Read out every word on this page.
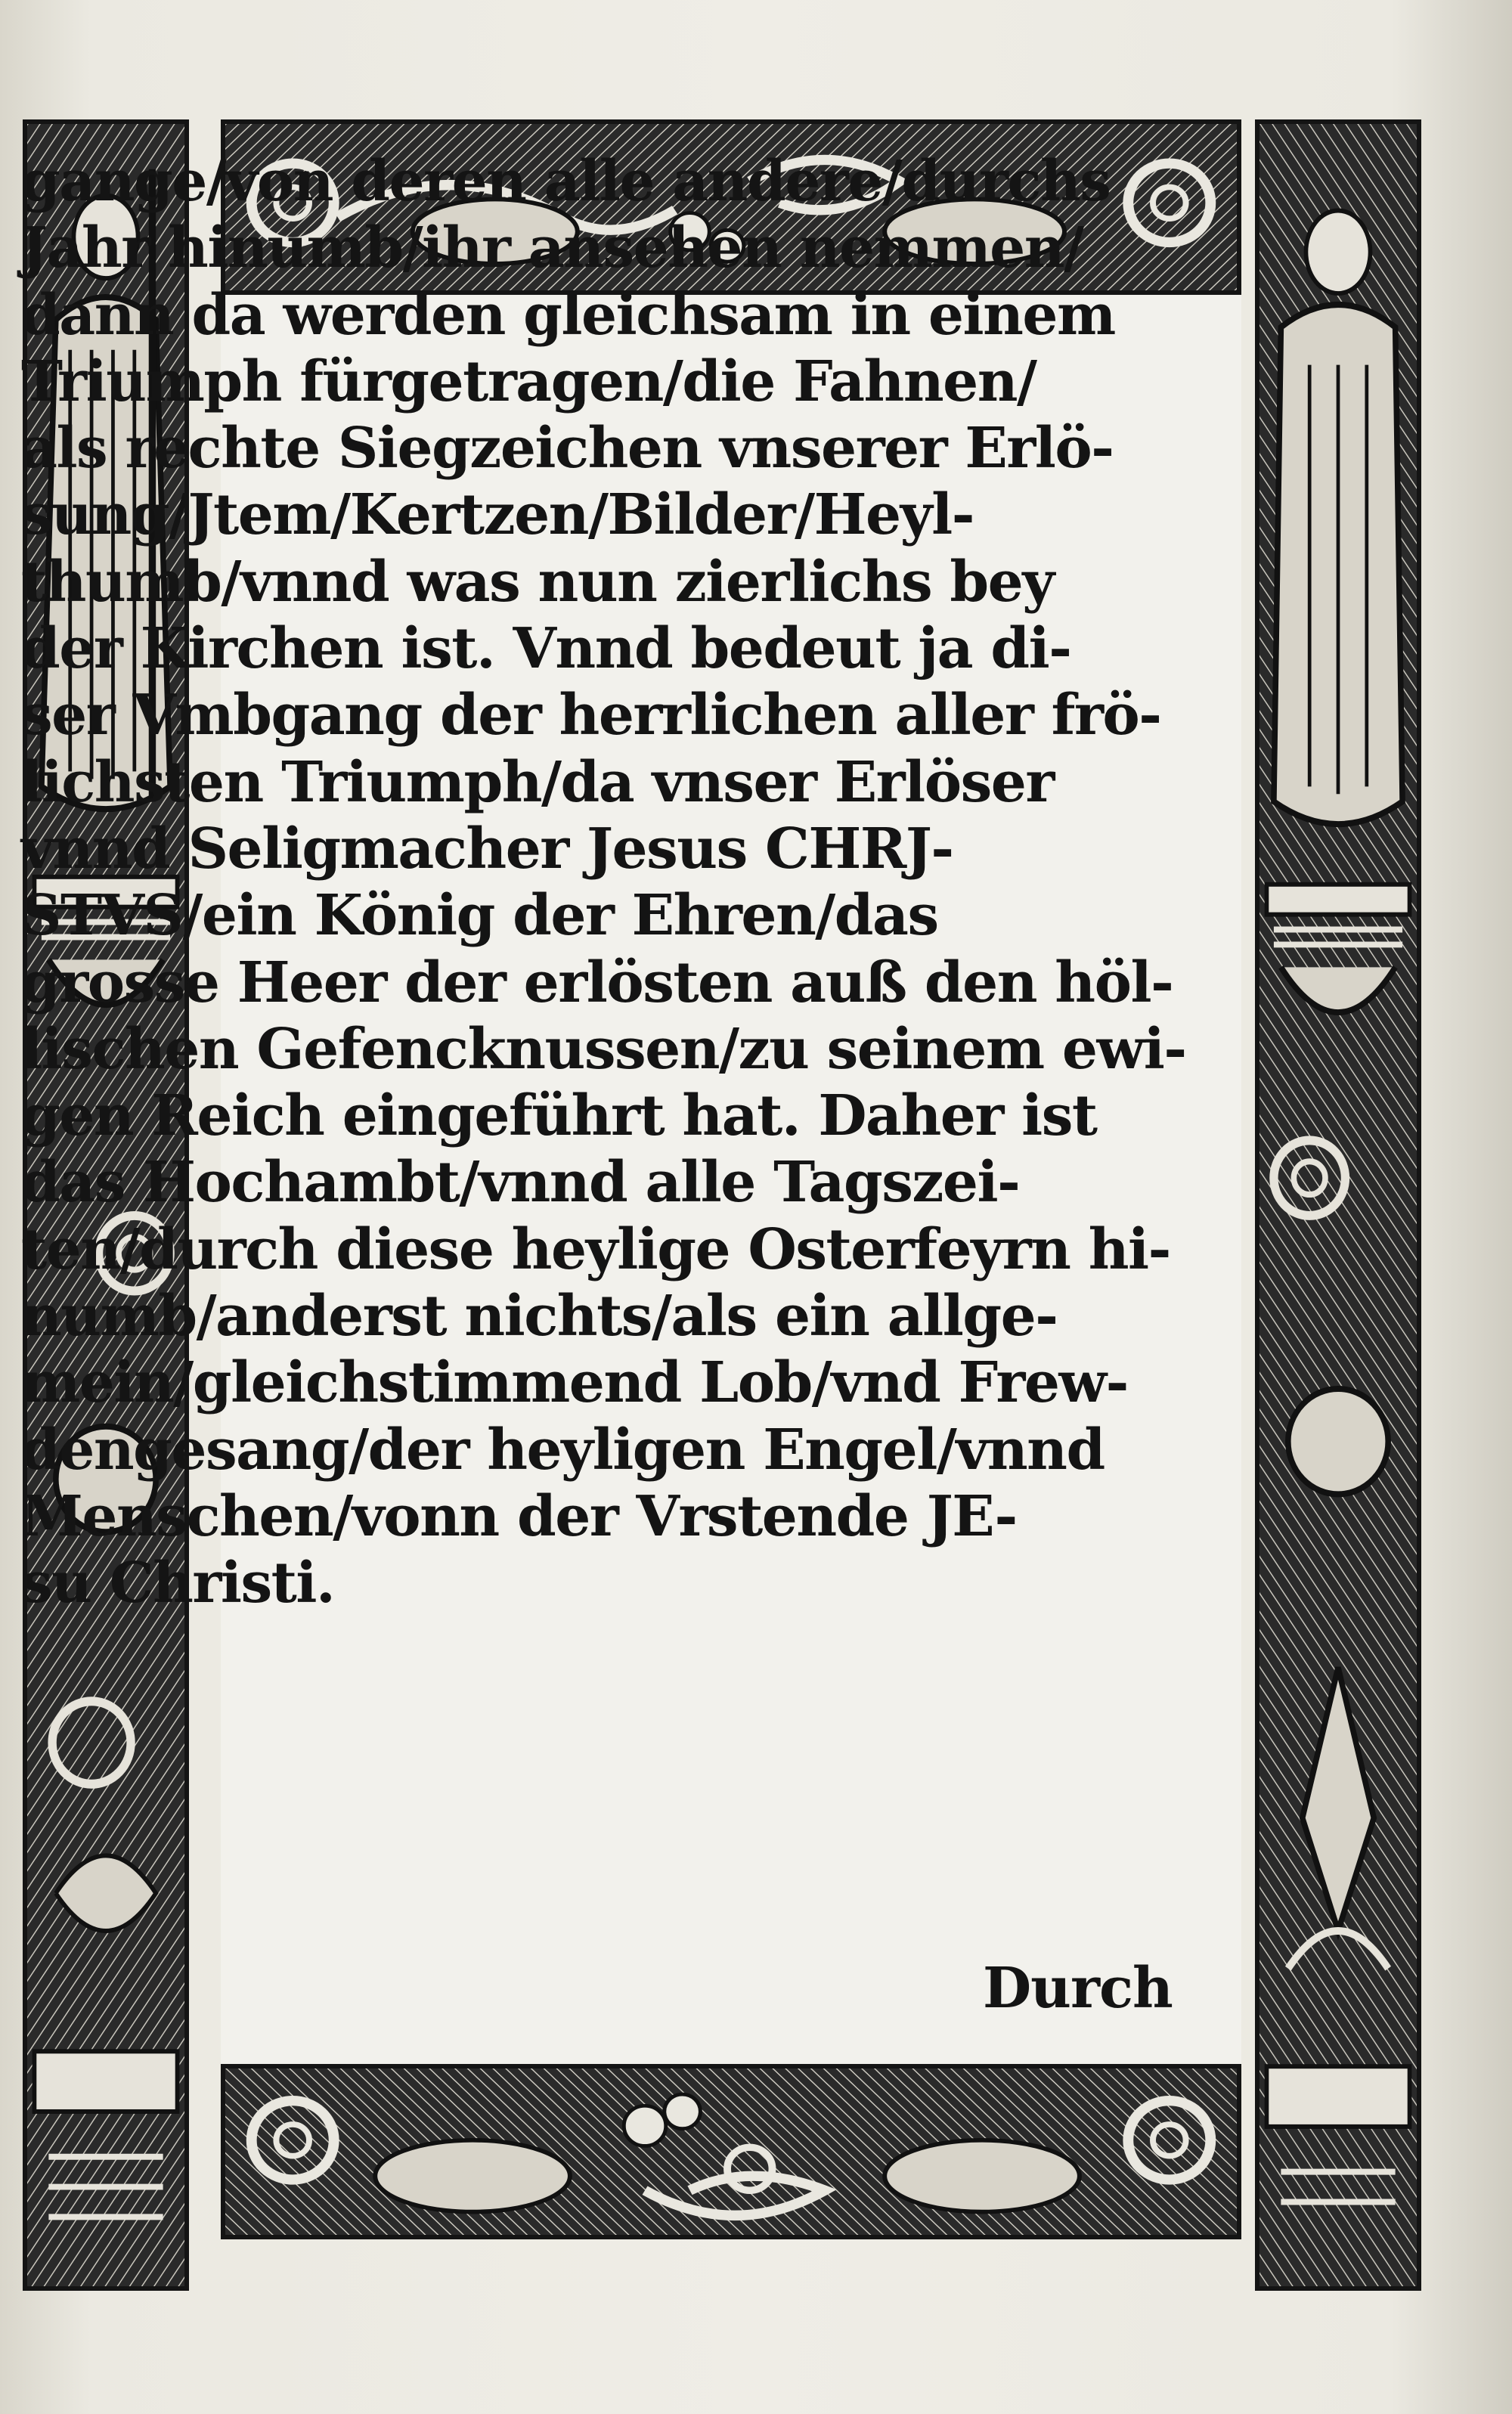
gange/von deren alle andere/durchs
Jahr hinumb/ihr ansehen nemmen/
dann da werden gleichsam in einem
Triumph fürgetragen/die Fahnen/
als rechte Siegzeichen vnserer Erlö-
sung/Jtem/Kertzen/Bilder/Heyl-
thumb/vnnd was nun zierlichs bey
der Kirchen ist. Vnnd bedeut ja di-
ser Vmbgang der herrlichen aller frö-
lichsten Triumph/da vnser Erlöser
vnnd Seligmacher Jesus CHRJ-
STVS/ein König der Ehren/das
grosse Heer der erlösten auß den höl-
lischen Gefencknussen/zu seinem ewi-
gen Reich eingeführt hat. Daher ist
das Hochambt/vnnd alle Tagszei-
ten/durch diese heylige Osterfeyrn hi-
numb/anderst nichts/als ein allge-
mein/gleichstimmend Lob/vnd Frew-
dengesang/der heyligen Engel/vnnd
Menschen/vonn der Vrstende JE-
su Christi.
Durch
